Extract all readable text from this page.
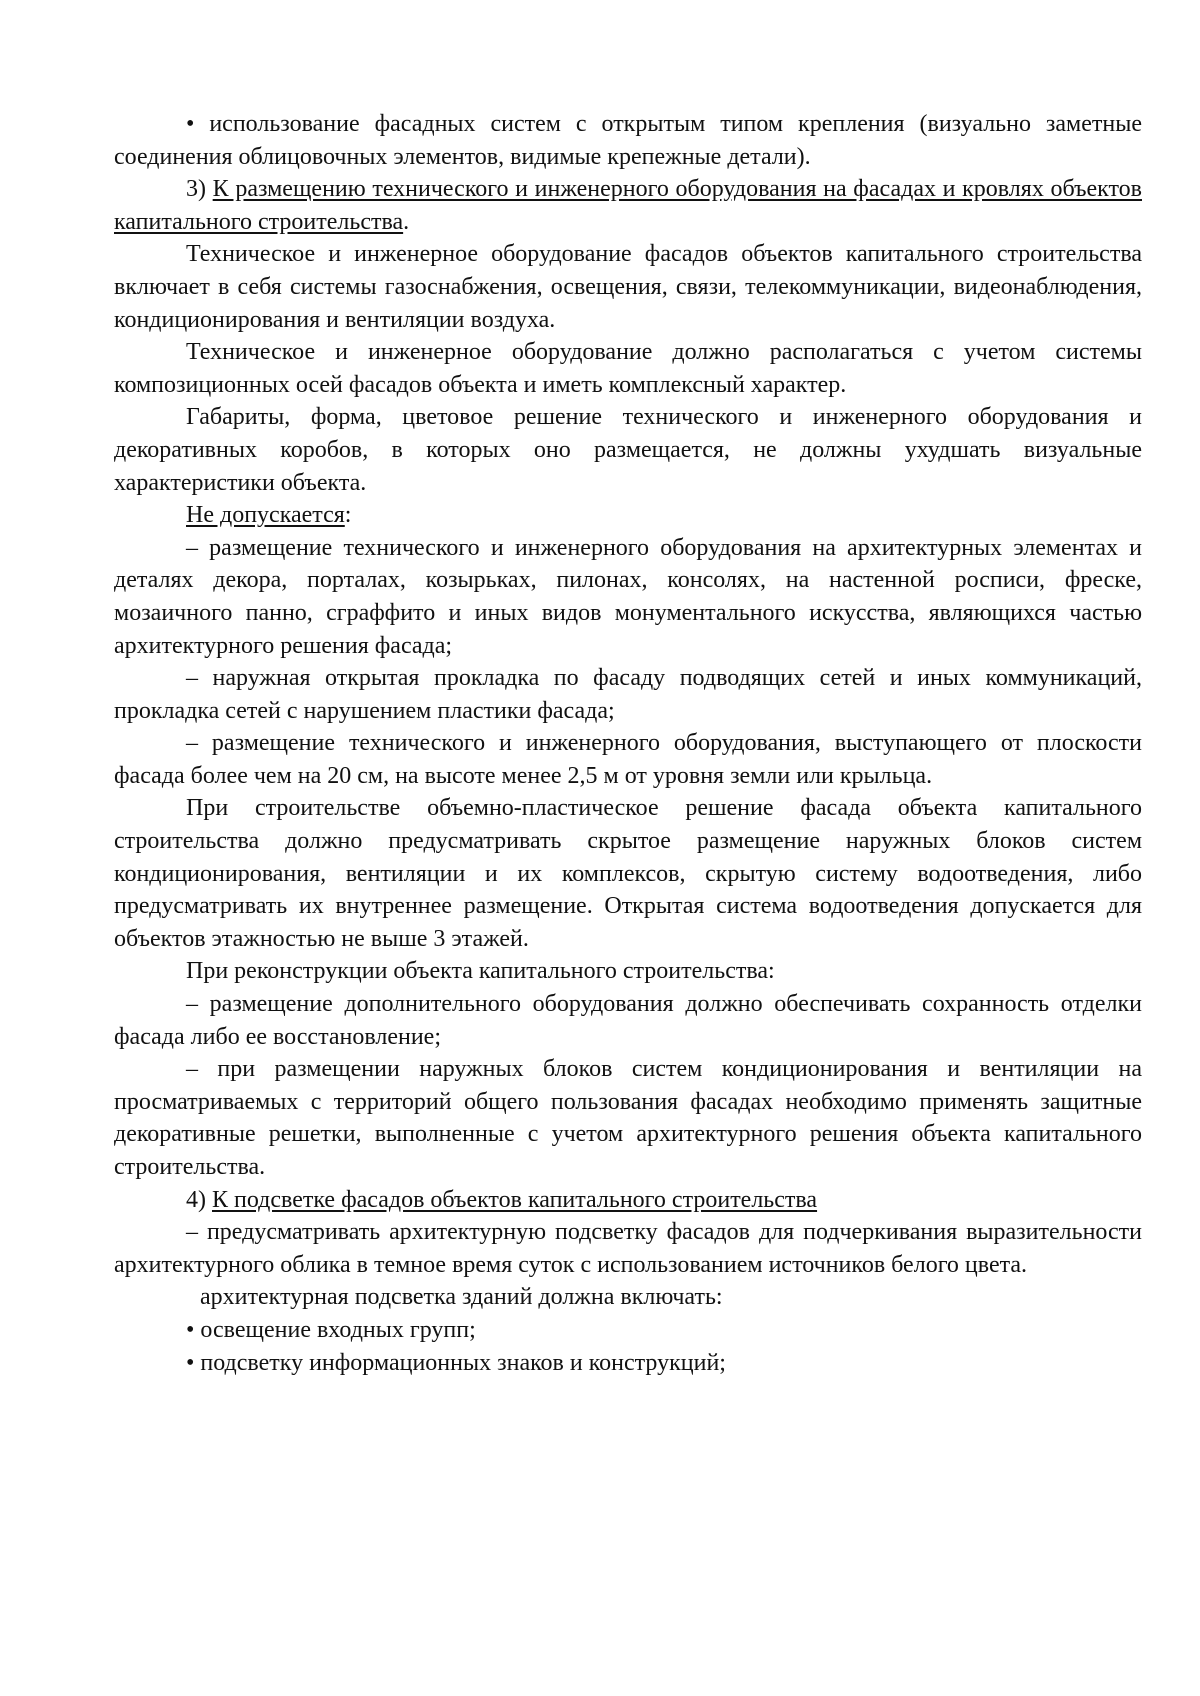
• использование фасадных систем с открытым типом крепления (визуально заметные соединения облицовочных элементов, видимые крепежные детали).

3) К размещению технического и инженерного оборудования на фасадах и кровлях объектов капитального строительства.

Техническое и инженерное оборудование фасадов объектов капитального строительства включает в себя системы газоснабжения, освещения, связи, телекоммуникации, видеонаблюдения, кондиционирования и вентиляции воздуха.

Техническое и инженерное оборудование должно располагаться с учетом системы композиционных осей фасадов объекта и иметь комплексный характер.

Габариты, форма, цветовое решение технического и инженерного оборудования и декоративных коробов, в которых оно размещается, не должны ухудшать визуальные характеристики объекта.

Не допускается:

– размещение технического и инженерного оборудования на архитектурных элементах и деталях декора, порталах, козырьках, пилонах, консолях, на настенной росписи, фреске, мозаичного панно, сграффито и иных видов монументального искусства, являющихся частью архитектурного решения фасада;

– наружная открытая прокладка по фасаду подводящих сетей и иных коммуникаций, прокладка сетей с нарушением пластики фасада;

– размещение технического и инженерного оборудования, выступающего от плоскости фасада более чем на 20 см, на высоте менее 2,5 м от уровня земли или крыльца.

При строительстве объемно-пластическое решение фасада объекта капитального строительства должно предусматривать скрытое размещение наружных блоков систем кондиционирования, вентиляции и их комплексов, скрытую систему водоотведения, либо предусматривать их внутреннее размещение. Открытая система водоотведения допускается для объектов этажностью не выше 3 этажей.

При реконструкции объекта капитального строительства:

– размещение дополнительного оборудования должно обеспечивать сохранность отделки фасада либо ее восстановление;

– при размещении наружных блоков систем кондиционирования и вентиляции на просматриваемых с территорий общего пользования фасадах необходимо применять защитные декоративные решетки, выполненные с учетом архитектурного решения объекта капитального строительства.

4) К подсветке фасадов объектов капитального строительства

– предусматривать архитектурную подсветку фасадов для подчеркивания выразительности архитектурного облика в темное время суток с использованием источников белого цвета.

архитектурная подсветка зданий должна включать:

• освещение входных групп;

• подсветку информационных знаков и конструкций;
